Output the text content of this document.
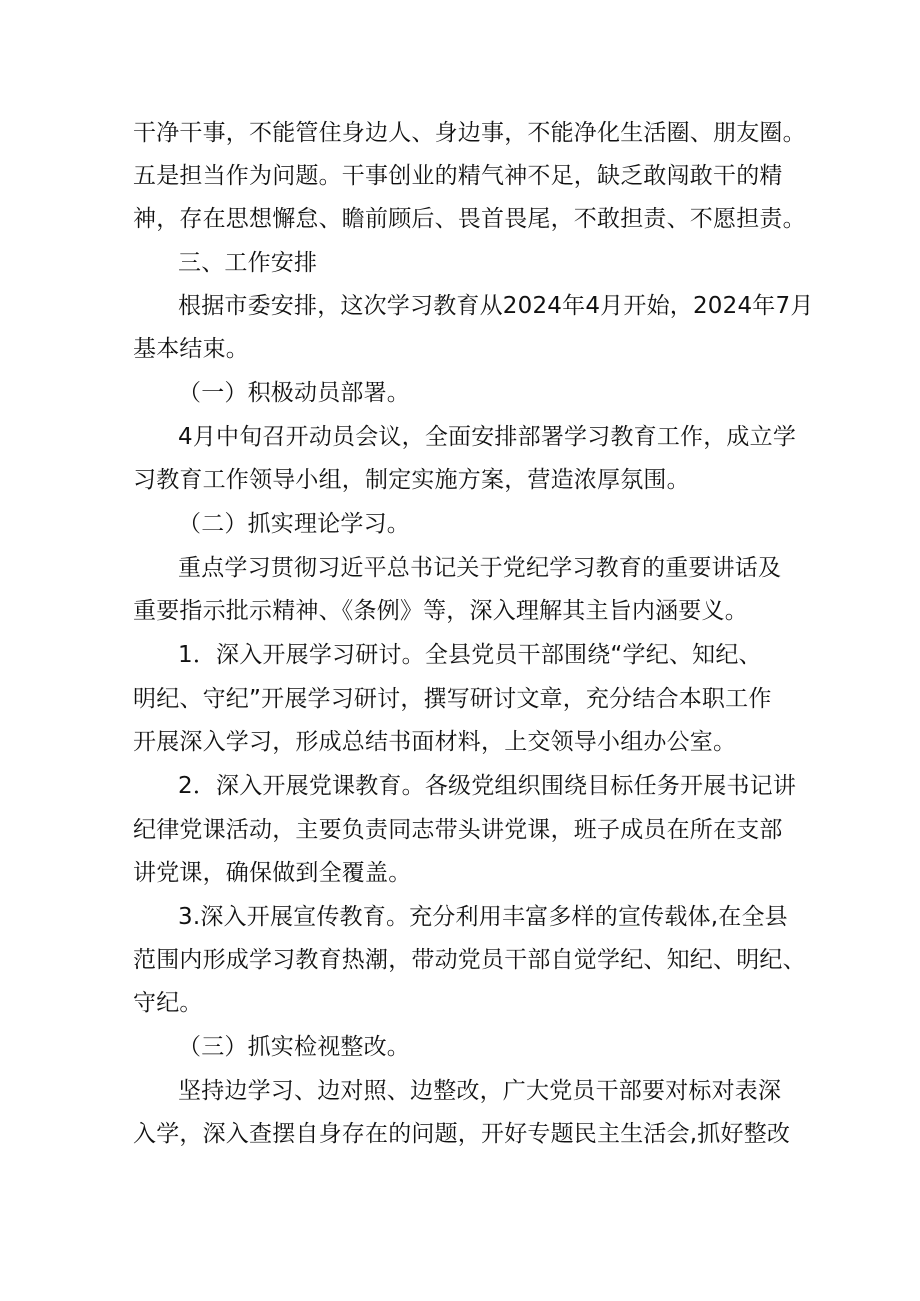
干净干事，不能管住身边人、身边事，不能净化生活圈、朋友圈。
五是担当作为问题。干事创业的精气神不足，缺乏敢闯敢干的精
神，存在思想懈怠、瞻前顾后、畏首畏尾，不敢担责、不愿担责。
三、工作安排
根据市委安排，这次学习教育从2024年4月开始，2024年7月
基本结束。
（一）积极动员部署。
4月中旬召开动员会议，全面安排部署学习教育工作，成立学
习教育工作领导小组，制定实施方案，营造浓厚氛围。
（二）抓实理论学习。
重点学习贯彻习近平总书记关于党纪学习教育的重要讲话及
重要指示批示精神、《条例》等，深入理解其主旨内涵要义。
1．深入开展学习研讨。全县党员干部围绕“学纪、知纪、
明纪、守纪”开展学习研讨，撰写研讨文章，充分结合本职工作
开展深入学习，形成总结书面材料，上交领导小组办公室。
2．深入开展党课教育。各级党组织围绕目标任务开展书记讲
纪律党课活动，主要负责同志带头讲党课，班子成员在所在支部
讲党课，确保做到全覆盖。
3.深入开展宣传教育。充分利用丰富多样的宣传载体,在全县
范围内形成学习教育热潮，带动党员干部自觉学纪、知纪、明纪、
守纪。
（三）抓实检视整改。
坚持边学习、边对照、边整改，广大党员干部要对标对表深
入学，深入查摆自身存在的问题，开好专题民主生活会,抓好整改
